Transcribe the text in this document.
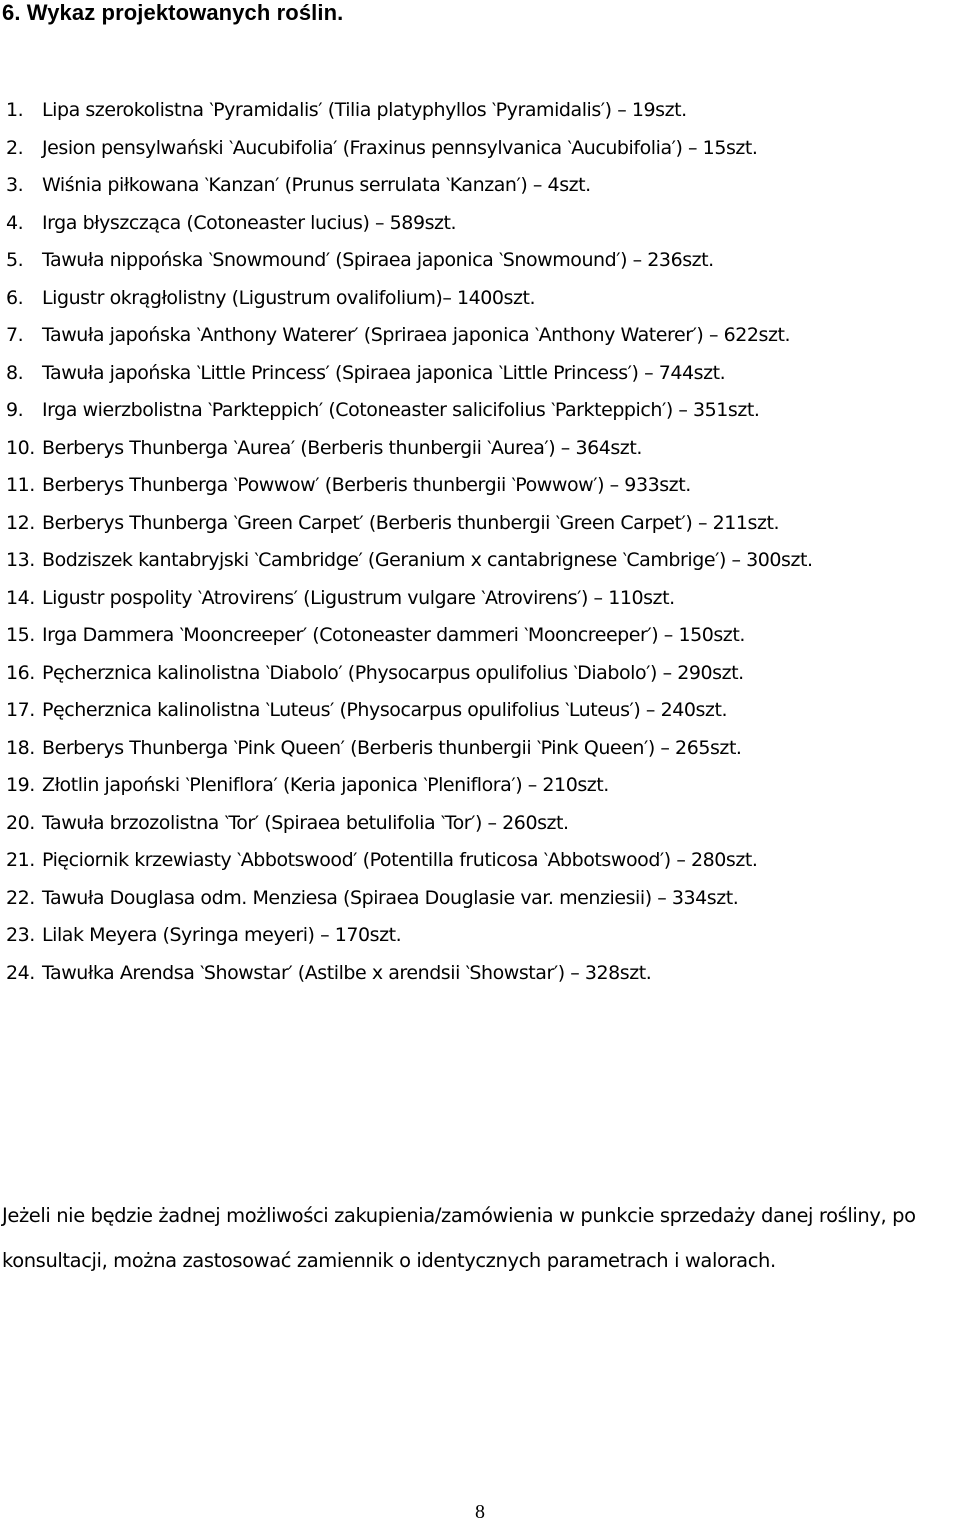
6. Wykaz projektowanych roślin.
1. Lipa szerokolistna ‵Pyramidalis′ (Tilia platyphyllos ‵Pyramidalis′) – 19szt.
2. Jesion pensylwański ‵Aucubifolia′ (Fraxinus pennsylvanica ‵Aucubifolia′) – 15szt.
3. Wiśnia piłkowana ‵Kanzan′ (Prunus serrulata ‵Kanzan′) – 4szt.
4. Irga błyszcząca (Cotoneaster lucius) – 589szt.
5. Tawuła nippońska ‵Snowmound′ (Spiraea japonica ‵Snowmound′) – 236szt.
6. Ligustr okrągłolistny (Ligustrum ovalifolium)– 1400szt.
7. Tawuła japońska ‵Anthony Waterer′ (Spriraea japonica ‵Anthony Waterer′) – 622szt.
8. Tawuła japońska ‵Little Princess′ (Spiraea japonica ‵Little Princess′) – 744szt.
9. Irga wierzbolistna ‵Parkteppich′ (Cotoneaster salicifolius ‵Parkteppich′) – 351szt.
10. Berberys Thunberga ‵Aurea′ (Berberis thunbergii ‵Aurea′) – 364szt.
11. Berberys Thunberga ‵Powwow′ (Berberis thunbergii ‵Powwow′) – 933szt.
12. Berberys Thunberga ‵Green Carpet′ (Berberis thunbergii ‵Green Carpet′) – 211szt.
13. Bodziszek kantabryjski ‵Cambridge′ (Geranium x cantabrignese ‵Cambrige′) – 300szt.
14. Ligustr pospolity ‵Atrovirens′ (Ligustrum vulgare ‵Atrovirens′) – 110szt.
15. Irga Dammera ‵Mooncreeper′ (Cotoneaster dammeri ‵Mooncreeper′) – 150szt.
16. Pęcherznica kalinolistna ‵Diabolo′ (Physocarpus opulifolius ‵Diabolo′) – 290szt.
17. Pęcherznica kalinolistna ‵Luteus′ (Physocarpus opulifolius ‵Luteus′) – 240szt.
18. Berberys Thunberga ‵Pink Queen′ (Berberis thunbergii ‵Pink Queen′) – 265szt.
19. Złotlin japoński ‵Pleniflora′ (Keria japonica ‵Pleniflora′) – 210szt.
20. Tawuła brzozolistna ‵Tor′ (Spiraea betulifolia ‵Tor′) – 260szt.
21. Pięciornik krzewiasty ‵Abbotswood′ (Potentilla fruticosa ‵Abbotswood′) – 280szt.
22. Tawuła Douglasa odm. Menziesa (Spiraea Douglasie var. menziesii) – 334szt.
23. Lilak Meyera (Syringa meyeri) – 170szt.
24. Tawułka Arendsa ‵Showstar′ (Astilbe x arendsii ‵Showstar′) – 328szt.

Jeżeli nie będzie żadnej możliwości zakupienia/zamówienia w punkcie sprzedaży danej rośliny, po konsultacji, można zastosować zamiennik o identycznych parametrach i walorach.

8
